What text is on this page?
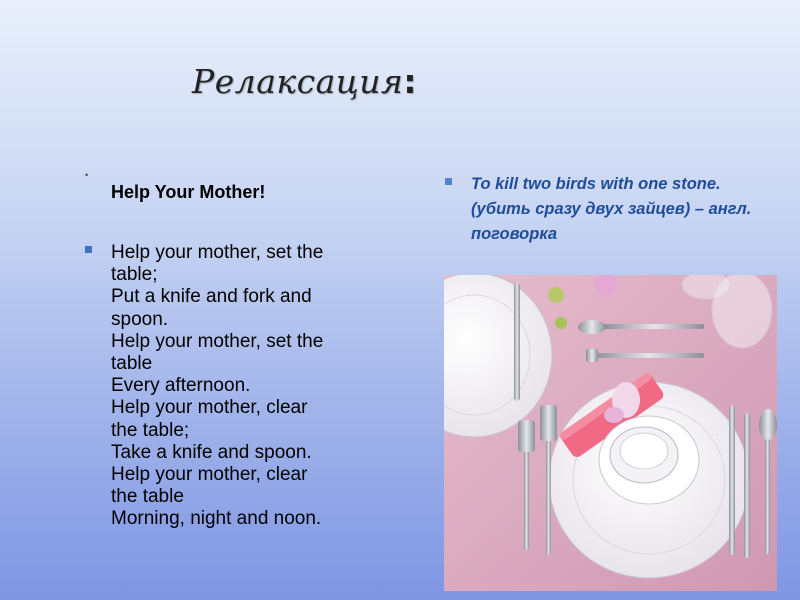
Релаксация:
•
Help Your Mother!
Help your mother, set the
table;
Put a knife and fork and
spoon.
Help your mother, set the
table
Every afternoon.
Help your mother, clear
the table;
Take a knife and spoon.
Help your mother, clear
the table
Morning, night and noon.
To kill two birds with one stone. (убить сразу двух зайцев) – англ. поговорка
